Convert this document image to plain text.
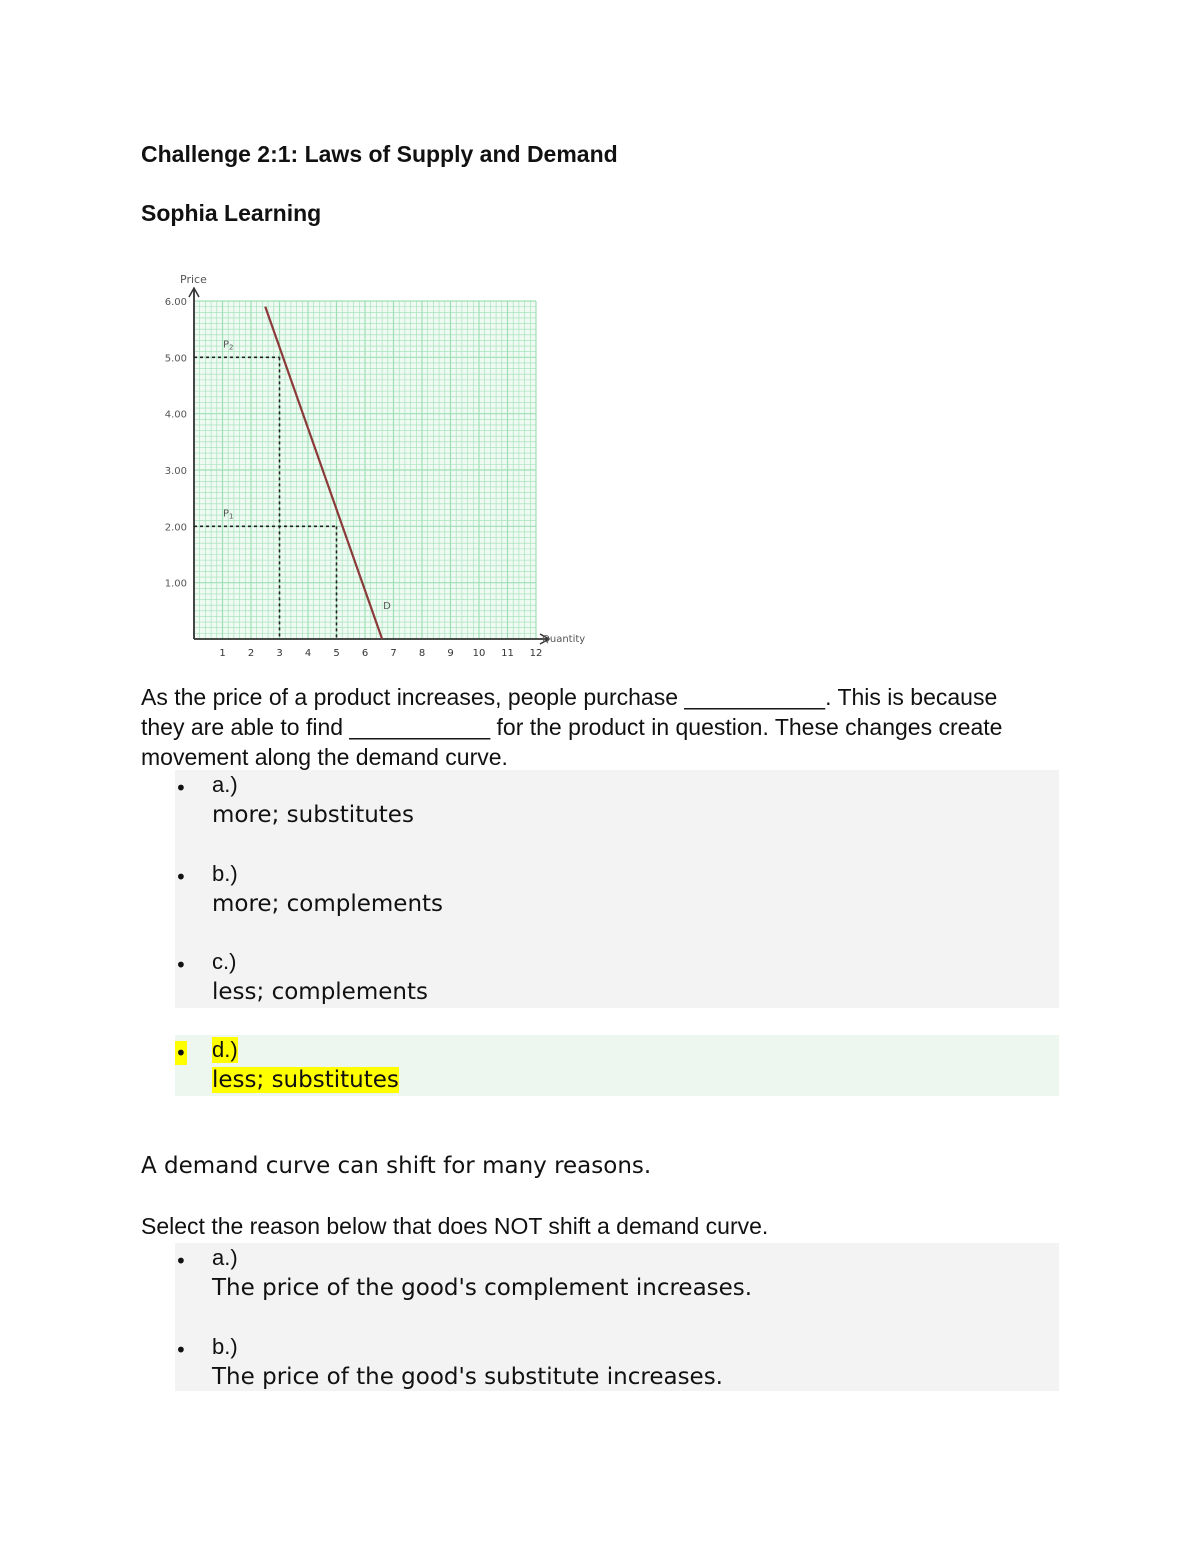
Challenge 2:1: Laws of Supply and Demand
Sophia Learning
1.00
2.00
3.00
4.00
5.00
6.00
1 2 3 4 5 6 7 8 9 10 11 12
Price
Quantity
$P_2$
$P_1$
D
As the price of a product increases, people purchase ___________. This is because they are able to find ___________ for the product in question. These changes create movement along the demand curve.
• a.)
more; substitutes
• b.)
more; complements
• c.)
less; complements
• d.)
less; substitutes
A demand curve can shift for many reasons.
Select the reason below that does NOT shift a demand curve.
• a.)
The price of the good's complement increases.
• b.)
The price of the good's substitute increases.
